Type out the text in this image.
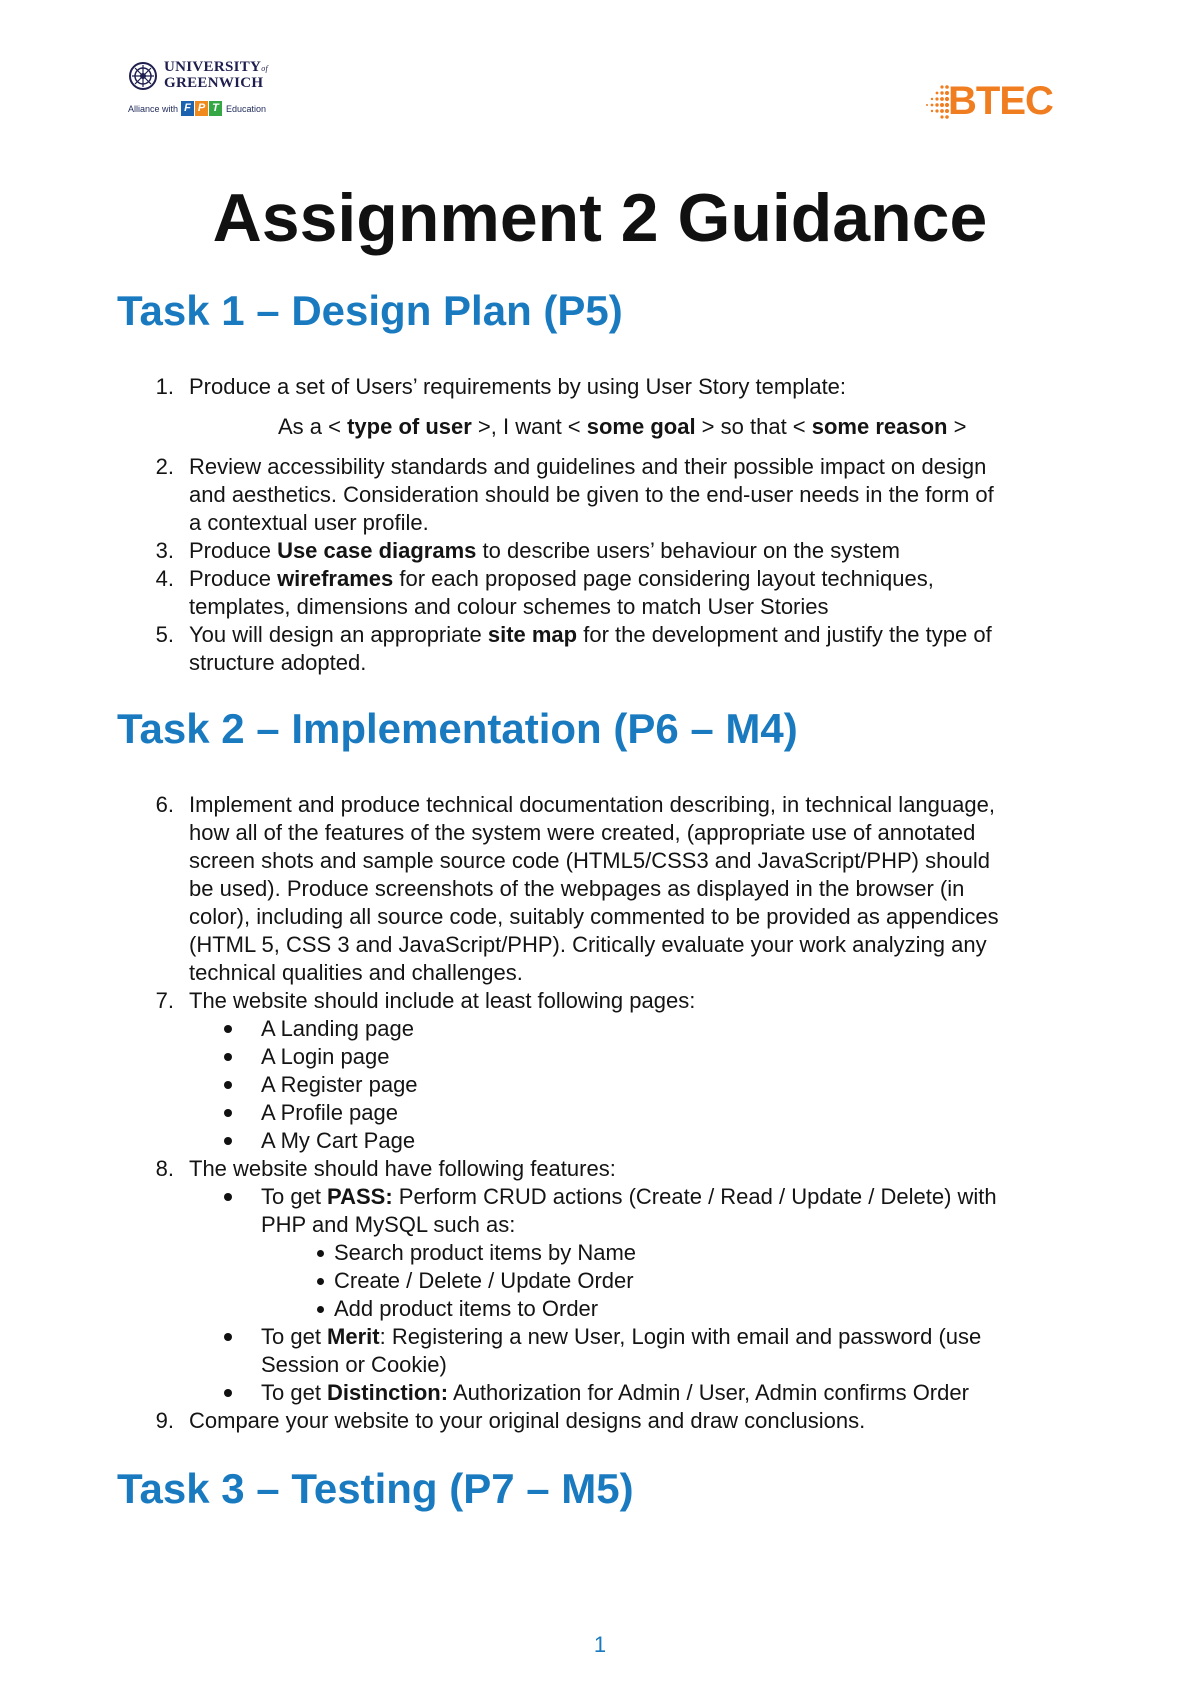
UNIVERSITYof
GREENWICH
Alliance with F P T Education	BTEC
Assignment 2 Guidance
Task 1 – Design Plan (P5)
1. Produce a set of Users’ requirements by using User Story template:
As a < type of user >, I want < some goal > so that < some reason >
2. Review accessibility standards and guidelines and their possible impact on design
and aesthetics. Consideration should be given to the end-user needs in the form of
a contextual user profile.
3. Produce Use case diagrams to describe users’ behaviour on the system
4. Produce wireframes for each proposed page considering layout techniques,
templates, dimensions and colour schemes to match User Stories
5. You will design an appropriate site map for the development and justify the type of
structure adopted.
Task 2 – Implementation (P6 – M4)
6. Implement and produce technical documentation describing, in technical language,
how all of the features of the system were created, (appropriate use of annotated
screen shots and sample source code (HTML5/CSS3 and JavaScript/PHP) should
be used). Produce screenshots of the webpages as displayed in the browser (in
color), including all source code, suitably commented to be provided as appendices
(HTML 5, CSS 3 and JavaScript/PHP). Critically evaluate your work analyzing any
technical qualities and challenges.
7. The website should include at least following pages:
A Landing page
A Login page
A Register page
A Profile page
A My Cart Page
8. The website should have following features:
To get PASS: Perform CRUD actions (Create / Read / Update / Delete) with
PHP and MySQL such as:
Search product items by Name
Create / Delete / Update Order
Add product items to Order
To get Merit: Registering a new User, Login with email and password (use
Session or Cookie)
To get Distinction: Authorization for Admin / User, Admin confirms Order
9. Compare your website to your original designs and draw conclusions.
Task 3 – Testing (P7 – M5)
1
